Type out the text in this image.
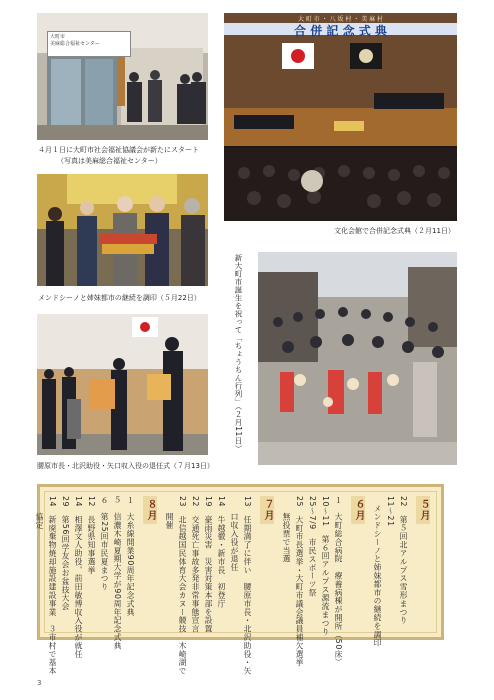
大町市
美麻総合福祉センター
４月１日に大町市社会福祉協議会が新たにスタート
（写真は美麻総合福祉センター）
大 町 市 ・ 八 坂 村 ・ 美 麻 村
合 併 記 念 式 典
文化会館で合併記念式典（２月11日）
メンドシーノと姉妹都市の継続を調印（５月22日）	新大町市誕生を祝って「ちょうちん行列」（２月11日）
腰原市長・北沢助役・矢口収入役の退任式（７月13日）
５月
22　第５回北アルプス雪形まつり
11〜21
　メンドシーノと姉妹都市の継続を調印
６月
１　大町総合病院　療養病棟が開所（50床）
10〜11　第６回アルプス源流まつり
25〜7/9　市民スポーツ祭
25　大町市長選挙・大町市議会議員補欠選挙
　　無投票で当選
７月
13　任期満了に伴い　腰原市長・北沢助役・矢
　　口収入役が退任
14　牛越徹・新市長　初登庁
19　豪雨災害　災害対策本部を設置
22　交通死亡事故多発非常事態宣言
23　北信越国民体育大会カヌー競技　木崎湖で
　　開催
８月
１　大糸線開業90周年記念式典
５　信濃木崎夏期大学が90周年記念式典
６　第25回市民夏まつり
12　長野県知事選挙
14　相澤文人助役、前田敏博収入役が就任
29　第56回学友会お盆技大会
14　新廃棄物焼却施設建設事業　３市村で基本
　　協定
3
